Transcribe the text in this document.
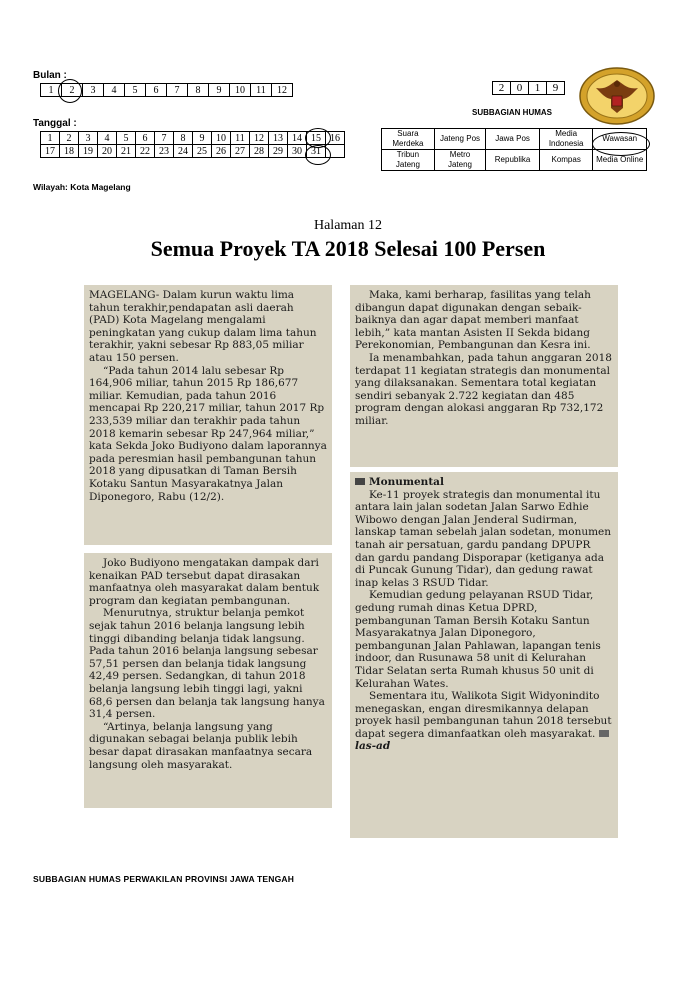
Bulan :
1	2	3	4	5	6	7	8	9	10	11	12
Tanggal :
1	2	3	4	5	6	7	8	9	10	11	12	13	14	15	16
17	18	19	20	21	22	23	24	25	26	27	28	29	30	31	
Wilayah: Kota Magelang
2	0	1	9
SUBBAGIAN HUMAS
Suara Merdeka	Jateng Pos	Jawa Pos	Media Indonesia	Wawasan
Tribun Jateng	Metro Jateng	Republika	Kompas	Media Online
Halaman 12
Semua Proyek TA 2018 Selesai 100 Persen

MAGELANG- Dalam kurun waktu lima tahun terakhir,pendapatan asli daerah (PAD) Kota Magelang mengalami peningkatan yang cukup dalam lima tahun terakhir, yakni sebesar Rp 883,05 miliar atau 150 persen.

“Pada tahun 2014 lalu sebesar Rp 164,906 miliar, tahun 2015 Rp 186,677 miliar. Kemudian, pada tahun 2016 mencapai Rp 220,217 miliar, tahun 2017 Rp 233,539 miliar dan terakhir pada tahun 2018 kemarin sebesar Rp 247,964 miliar,” kata Sekda Joko Budiyono dalam laporannya pada peresmian hasil pembangunan tahun 2018 yang dipusatkan di Taman Bersih Kotaku Santun Masyarakatnya Jalan Diponegoro, Rabu (12/2).

Joko Budiyono mengatakan dampak dari kenaikan PAD tersebut dapat dirasakan manfaatnya oleh masyarakat dalam bentuk program dan kegiatan pembangunan.

Menurutnya, struktur belanja pemkot sejak tahun 2016 belanja langsung lebih tinggi dibanding belanja tidak langsung. Pada tahun 2016 belanja langsung sebesar 57,51 persen dan belanja tidak langsung 42,49 persen. Sedangkan, di tahun 2018 belanja langsung lebih tinggi lagi, yakni 68,6 persen dan belanja tak langsung hanya 31,4 persen.

“Artinya, belanja langsung yang digunakan sebagai belanja publik lebih besar dapat dirasakan manfaatnya secara langsung oleh masyarakat.

Maka, kami berharap, fasilitas yang telah dibangun dapat digunakan dengan sebaik-baiknya dan agar dapat memberi manfaat lebih,” kata mantan Asisten II Sekda bidang Perekonomian, Pembangunan dan Kesra ini.

Ia menambahkan, pada tahun anggaran 2018 terdapat 11 kegiatan strategis dan monumental yang dilaksanakan. Sementara total kegiatan sendiri sebanyak 2.722 kegiatan dan 485 program dengan alokasi anggaran Rp 732,172 miliar.

Monumental

Ke-11 proyek strategis dan monumental itu antara lain jalan sodetan Jalan Sarwo Edhie Wibowo dengan Jalan Jenderal Sudirman, lanskap taman sebelah jalan sodetan, monumen tanah air persatuan, gardu pandang DPUPR dan gardu pandang Disporapar (ketiganya ada di Puncak Gunung Tidar), dan gedung rawat inap kelas 3 RSUD Tidar.

Kemudian gedung pelayanan RSUD Tidar, gedung rumah dinas Ketua DPRD, pembangunan Taman Bersih Kotaku Santun Masyarakatnya Jalan Diponegoro, pembangunan Jalan Pahlawan, lapangan tenis indoor, dan Rusunawa 58 unit di Kelurahan Tidar Selatan serta Rumah khusus 50 unit di Kelurahan Wates.

Sementara itu, Walikota Sigit Widyonindito menegaskan, engan diresmikannya delapan proyek hasil pembangunan tahun 2018 tersebut dapat segera dimanfaatkan oleh masyarakat.  las-ad

SUBBAGIAN HUMAS PERWAKILAN PROVINSI JAWA TENGAH
